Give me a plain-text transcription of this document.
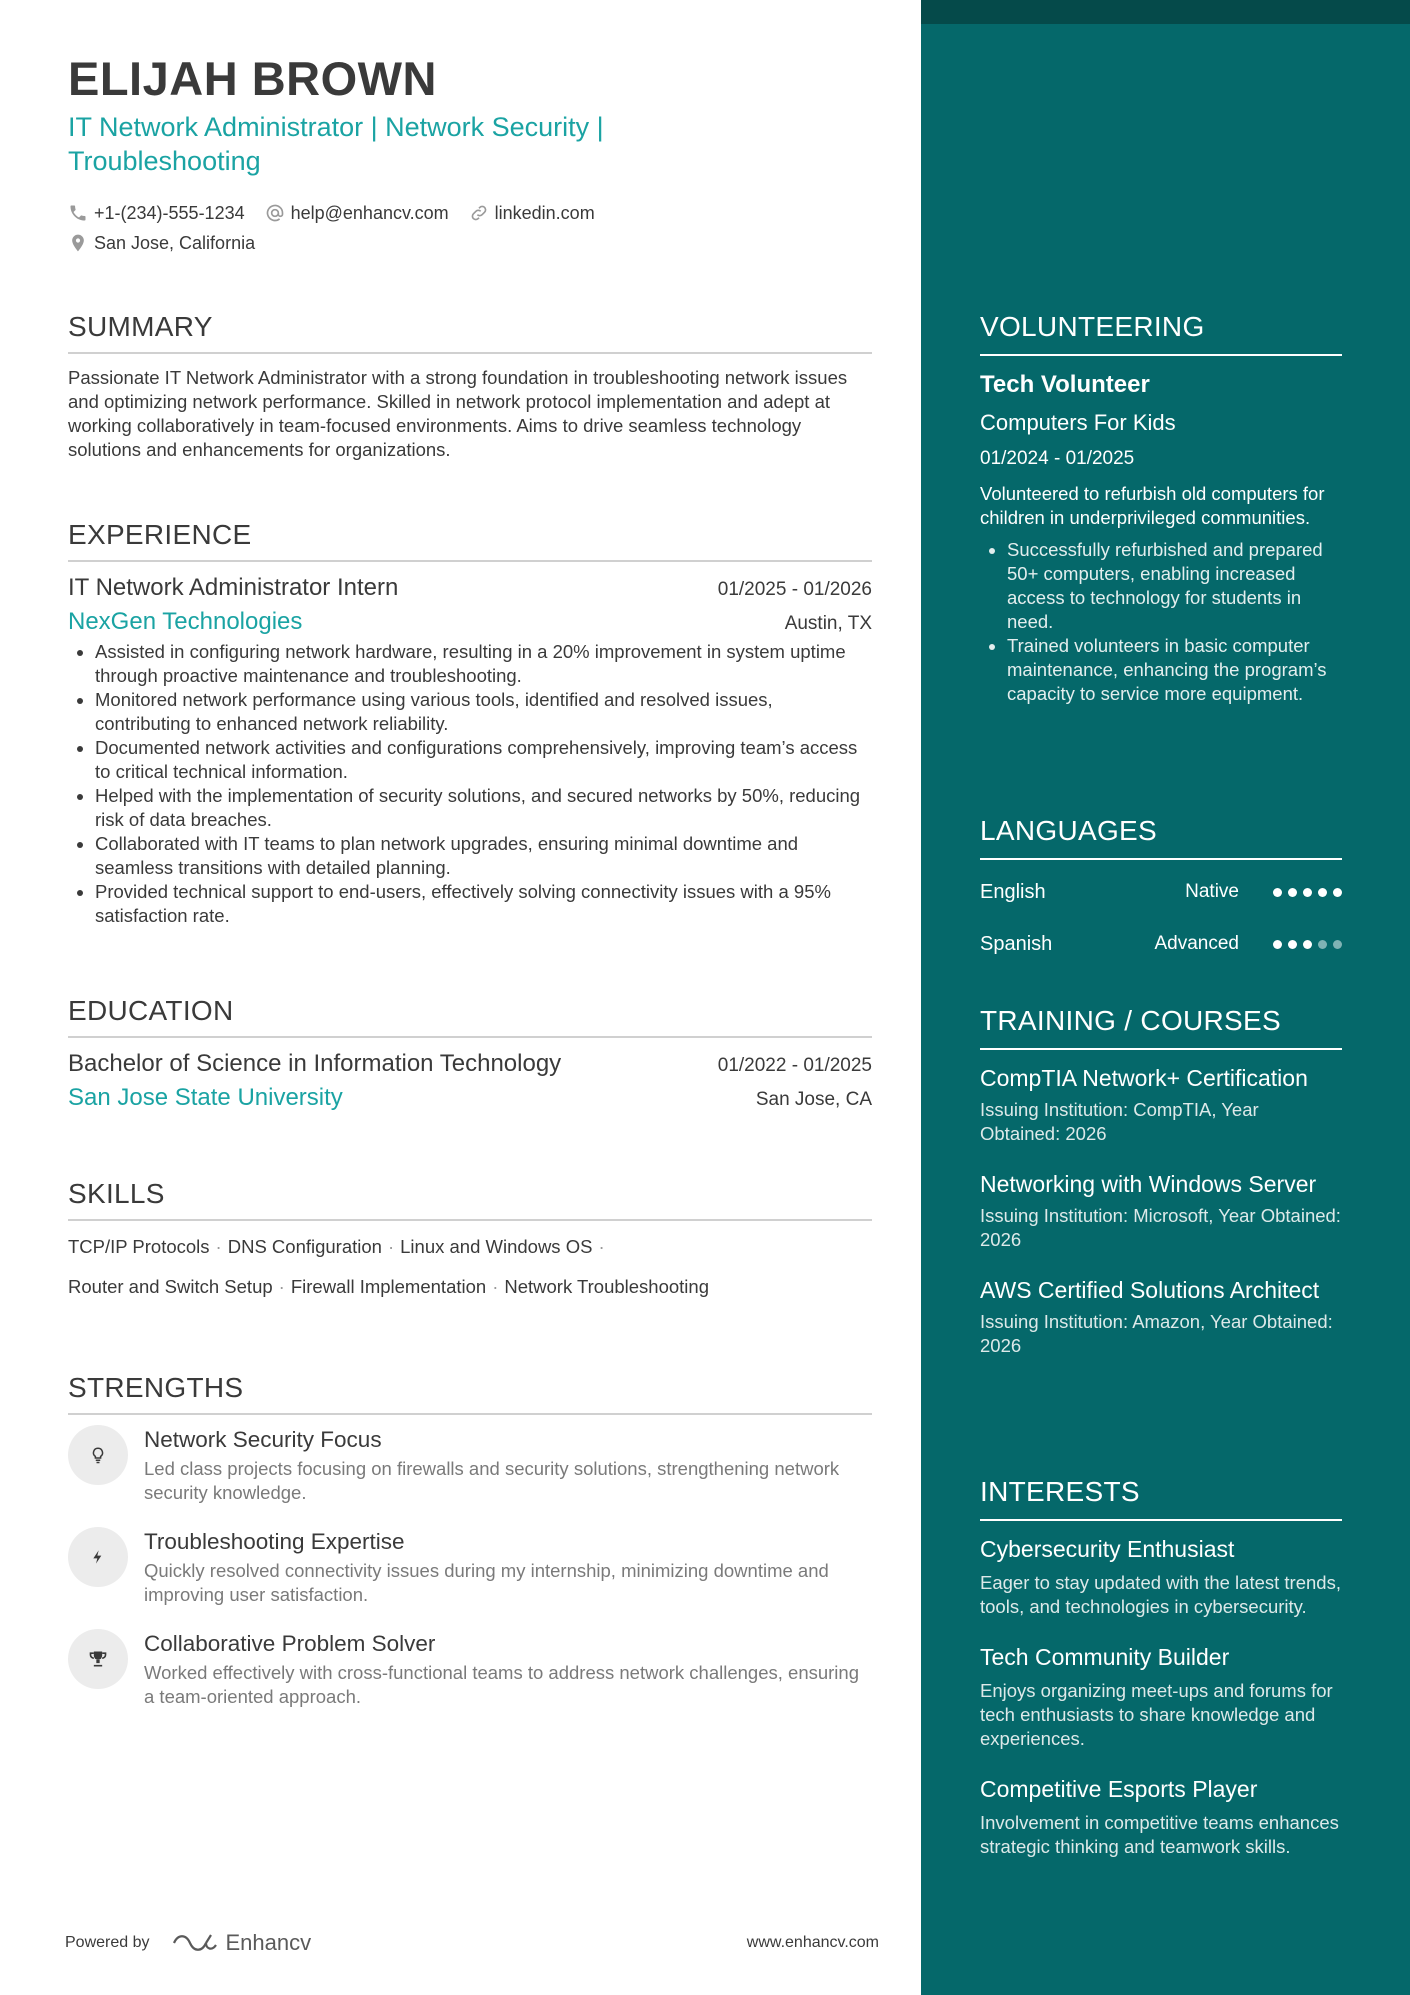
ELIJAH BROWN
IT Network Administrator | Network Security | Troubleshooting
+1-(234)-555-1234	help@enhancv.com	linkedin.com
San Jose, California
SUMMARY

Passionate IT Network Administrator with a strong foundation in troubleshooting network issues and optimizing network performance. Skilled in network protocol implementation and adept at working collaboratively in team-focused environments. Aims to drive seamless technology solutions and enhancements for organizations.

EXPERIENCE
IT Network Administrator Intern	01/2025 - 01/2026
NexGen Technologies	Austin, TX
• Assisted in configuring network hardware, resulting in a 20% improvement in system uptime through proactive maintenance and troubleshooting.
• Monitored network performance using various tools, identified and resolved issues, contributing to enhanced network reliability.
• Documented network activities and configurations comprehensively, improving team’s access to critical technical information.
• Helped with the implementation of security solutions, and secured networks by 50%, reducing risk of data breaches.
• Collaborated with IT teams to plan network upgrades, ensuring minimal downtime and seamless transitions with detailed planning.
• Provided technical support to end-users, effectively solving connectivity issues with a 95% satisfaction rate.
EDUCATION
Bachelor of Science in Information Technology	01/2022 - 01/2025
San Jose State University	San Jose, CA
SKILLS
TCP/IP Protocols · DNS Configuration · Linux and Windows OS ·
Router and Switch Setup · Firewall Implementation · Network Troubleshooting
STRENGTHS
Network Security Focus
Led class projects focusing on firewalls and security solutions, strengthening network security knowledge.
Troubleshooting Expertise
Quickly resolved connectivity issues during my internship, minimizing downtime and improving user satisfaction.
Collaborative Problem Solver
Worked effectively with cross-functional teams to address network challenges, ensuring a team-oriented approach.
Powered by	Enhancv	www.enhancv.com
VOLUNTEERING
Tech Volunteer
Computers For Kids
01/2024 - 01/2025
Volunteered to refurbish old computers for children in underprivileged communities.
• Successfully refurbished and prepared 50+ computers, enabling increased access to technology for students in need.
• Trained volunteers in basic computer maintenance, enhancing the program’s capacity to service more equipment.
LANGUAGES
English	Native
Spanish	Advanced
TRAINING / COURSES
CompTIA Network+ Certification
Issuing Institution: CompTIA, Year Obtained: 2026
Networking with Windows Server
Issuing Institution: Microsoft, Year Obtained: 2026
AWS Certified Solutions Architect
Issuing Institution: Amazon, Year Obtained: 2026
INTERESTS
Cybersecurity Enthusiast
Eager to stay updated with the latest trends, tools, and technologies in cybersecurity.
Tech Community Builder
Enjoys organizing meet-ups and forums for tech enthusiasts to share knowledge and experiences.
Competitive Esports Player
Involvement in competitive teams enhances strategic thinking and teamwork skills.
